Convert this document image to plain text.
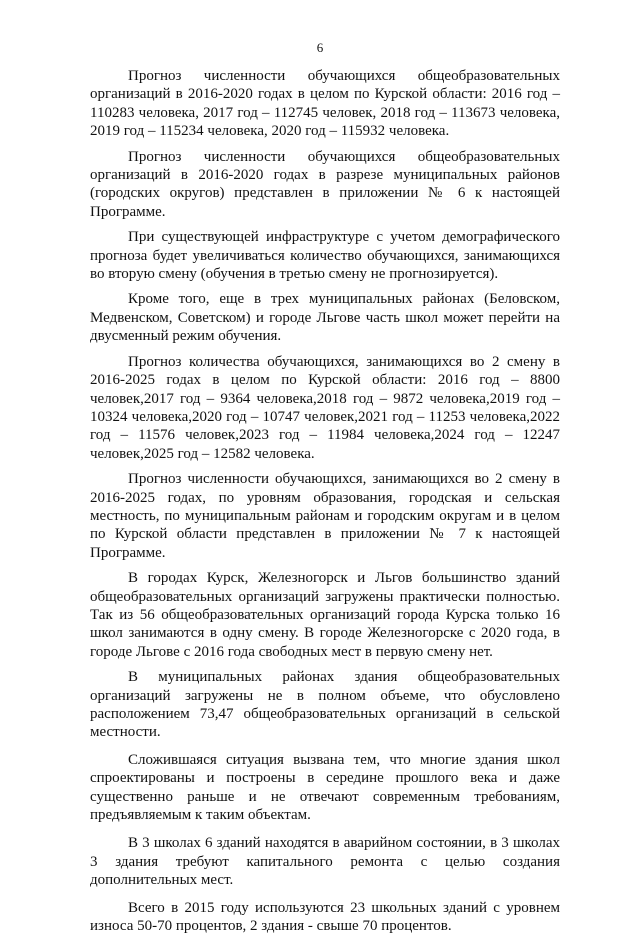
6

Прогноз численности обучающихся общеобразовательных организаций в 2016-2020 годах в целом по Курской области: 2016 год – 110283 человека, 2017 год – 112745 человек, 2018 год – 113673 человека, 2019 год – 115234 человека, 2020 год – 115932 человека.

Прогноз численности обучающихся общеобразовательных организаций в 2016-2020 годах в разрезе муниципальных районов (городских округов) представлен в приложении № 6 к настоящей Программе.

При существующей инфраструктуре с учетом демографического прогноза будет увеличиваться количество обучающихся, занимающихся во вторую смену (обучения в третью смену не прогнозируется).

Кроме того, еще в трех муниципальных районах (Беловском, Медвенском, Советском) и городе Льгове часть школ может перейти на двусменный режим обучения.

Прогноз количества обучающихся, занимающихся во 2 смену в 2016-2025 годах в целом по Курской области: 2016 год – 8800 человек,2017 год – 9364 человека,2018 год – 9872 человека,2019 год – 10324 человека,2020 год – 10747 человек,2021 год – 11253 человека,2022 год – 11576 человек,2023 год – 11984 человека,2024 год – 12247 человек,2025 год – 12582 человека.

Прогноз численности обучающихся, занимающихся во 2 смену в 2016-2025 годах, по уровням образования, городская и сельская местность, по муниципальным районам и городским округам и в целом по Курской области представлен в приложении № 7 к настоящей Программе.

В городах Курск, Железногорск и Льгов большинство зданий общеобразовательных организаций загружены практически полностью. Так из 56 общеобразовательных организаций города Курска только 16 школ занимаются в одну смену. В городе Железногорске с 2020 года, в городе Льгове с 2016 года свободных мест в первую смену нет.

В муниципальных районах здания общеобразовательных организаций загружены не в полном объеме, что обусловлено расположением 73,47 общеобразовательных организаций в сельской местности.

Сложившаяся ситуация вызвана тем, что многие здания школ спроектированы и построены в середине прошлого века и даже существенно раньше и не отвечают современным требованиям, предъявляемым к таким объектам.

В 3 школах 6 зданий находятся в аварийном состоянии, в 3 школах 3 здания требуют капитального ремонта с целью создания дополнительных мест.

Всего в 2015 году используются 23 школьных зданий с уровнем износа 50-70 процентов, 2 здания - свыше 70 процентов.
